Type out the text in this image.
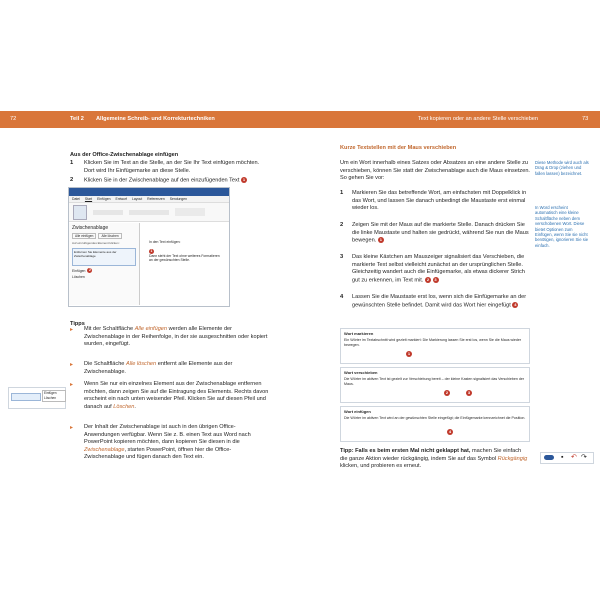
72	Teil 2 Allgemeine Schreib- und Korrekturtechniken	Text kopieren oder an andere Stelle verschieben	73
Aus der Office-Zwischenablage einfügen
1 Klicken Sie im Text an die Stelle, an der Sie Ihr Text einfügen möchten. Dort wird Ihr Einfügemarke an diese Stelle.
2 Klicken Sie in der Zwischenablage auf den einzufügenden Text 1
Datei Start Einfügen Entwurf Layout Referenzen Sendungen
Zwischenablage
Alle einfügen	Alle löschen
Auf einzufügendes Element klicken:
Entfernen Sie Elemente aus der Zwischenablage
Einfügen	2
Löschen
In den Text einfügen:
1
Dann steht der Text ohne weiteres Formatieren an der gewünschten Stelle.
Tipps
▸ Mit der Schaltfläche Alle einfügen werden alle Elemente der Zwischenablage in der Reihenfolge, in der sie ausgeschnitten oder kopiert wurden, eingefügt.
▸ Die Schaltfläche Alle löschen entfernt alle Elemente aus der Zwischenablage.
▸ Wenn Sie nur ein einzelnes Element aus der Zwischenablage entfernen möchten, dann zeigen Sie auf die Eintragung des Elements. Rechts davon erscheint ein nach unten weisender Pfeil. Klicken Sie auf diesen Pfeil und danach auf Löschen.
▸ Der Inhalt der Zwischenablage ist auch in den übrigen Office-Anwendungen verfügbar. Wenn Sie z. B. einen Text aus Word nach PowerPoint kopieren möchten, dann kopieren Sie diesen in die Zwischenablage, starten PowerPoint, öffnen hier die Office-Zwischenablage und fügen danach den Text ein.
Einfügen
Löschen
Kurze Textstellen mit der Maus verschieben
Um ein Wort innerhalb eines Satzes oder Absatzes an eine andere Stelle zu verschieben, können Sie statt der Zwischenablage auch die Maus einsetzen. So gehen Sie vor:
1 Markieren Sie das betreffende Wort, am einfachsten mit Doppelklick in das Wort, und lassen Sie danach unbedingt die Maustaste erst einmal wieder los.
2 Zeigen Sie mit der Maus auf die markierte Stelle. Danach drücken Sie die linke Maustaste und halten sie gedrückt, während Sie nun die Maus bewegen. 1
3 Das kleine Kästchen am Mauszeiger signalisiert das Verschieben, die markierte Text selbst vielleicht zunächst an der ursprünglichen Stelle. Gleichzeitig wandert auch die Einfügemarke, als etwas dickerer Strich gut zu erkennen, im Text mit. 2 3
4 Lassen Sie die Maustaste erst los, wenn sich die Einfügemarke an der gewünschten Stelle befindet. Damit wird das Wort hier eingefügt 4
Wort markieren
Ein Wörter im Textabschnitt wird gezielt markiert: Die Markierung lassen Sie erst los, wenn Sie die Maus wieder bewegen.
1
Wort verschieben
Die Wörter im aktiven Text ist gezielt zur Verschiebung bereit – der kleine Kasten signalisiert das Verschieben der Maus.
2	3
Wort einfügen
Die Wörter im aktiven Text wird an der gewünschten Stelle eingefügt; die Einfügemarke kennzeichnet die Position.
4
Tipp: Falls es beim ersten Mal nicht geklappt hat, machen Sie einfach die ganze Aktion wieder rückgängig, indem Sie auf das Symbol Rückgängig klicken, und probieren es erneut.
▪ ↶ ↷
Diese Methode wird auch als Drag & Drop (ziehen und fallen lassen) bezeichnet.
In Word erscheint automatisch eine kleine Schaltfläche neben dem verschobenen Wort. Diese bietet Optionen zum Einfügen, wenn Sie sie nicht benötigen, ignorieren Sie sie einfach.
